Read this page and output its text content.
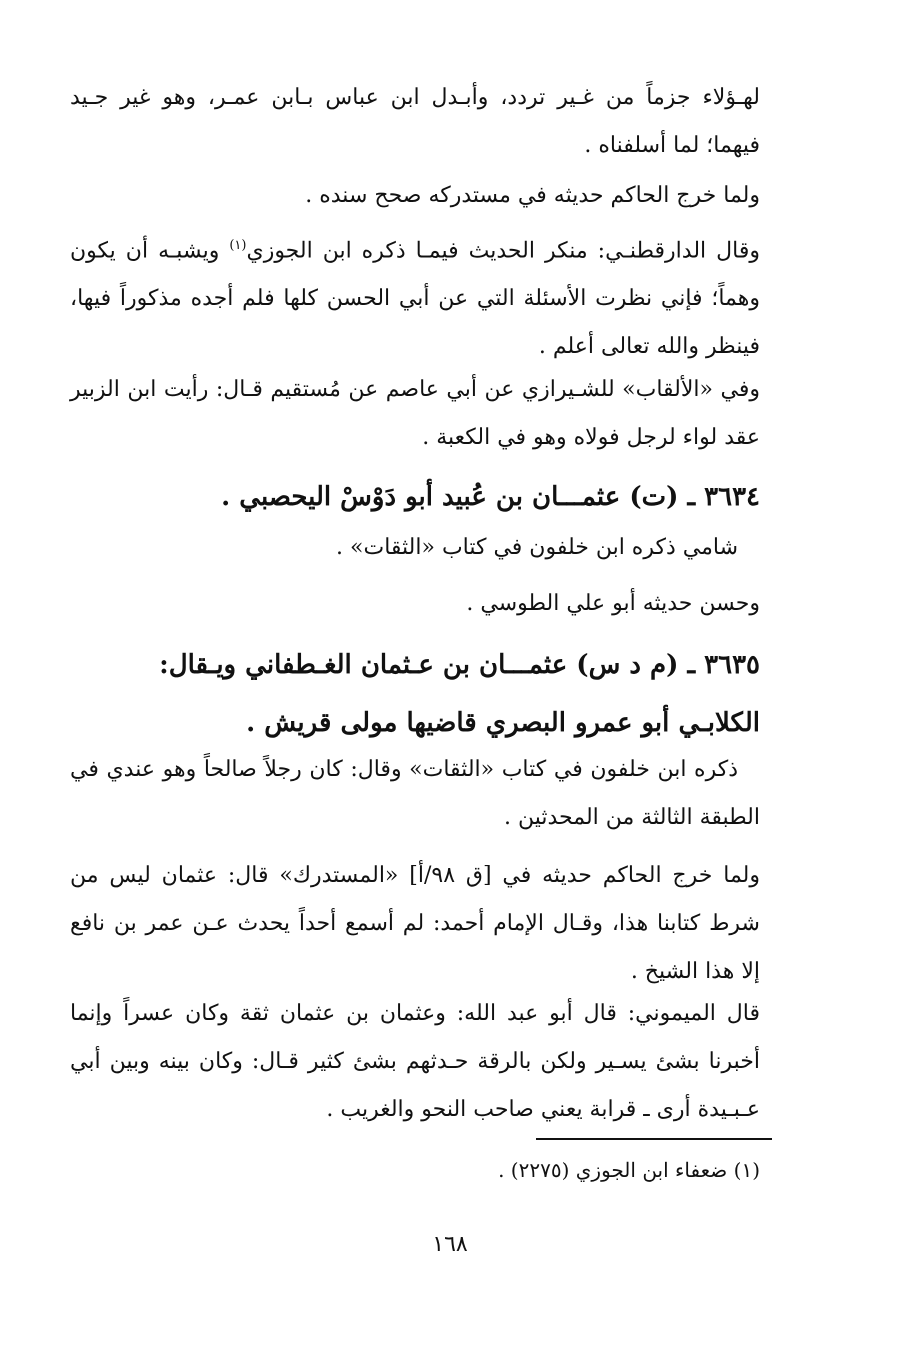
لهـؤلاء جزماً من غـير تردد، وأبـدل ابن عباس بـابن عمـر، وهو غير جـيد فيهما؛ لما أسلفناه .

ولما خرج الحاكم حديثه في مستدركه صحح سنده .

وقال الدارقطنـي: منكر الحديث فيمـا ذكره ابن الجوزي$^{(١)}$ ويشبـه أن يكون وهماً؛ فإني نظرت الأسئلة التي عن أبي الحسن كلها فلم أجده مذكوراً فيها، فينظر والله تعالى أعلم .

وفي «الألقاب» للشـيرازي عن أبي عاصم عن مُستقيم قـال: رأيت ابن الزبير عقد لواء لرجل فولاه وهو في الكعبة .

٣٦٣٤ ـ (ت) عثمـــان بن عُبيد أبو دَوْسْ اليحصبي .

شامي ذكره ابن خلفون في كتاب «الثقات» .

وحسن حديثه أبو علي الطوسي .

٣٦٣٥ ـ (م د س) عثمـــان بن عـثمان الغـطفاني ويـقال: الكلابـي أبو عمرو البصري قاضيها مولى قريش .

ذكره ابن خلفون في كتاب «الثقات» وقال: كان رجلاً صالحاً وهو عندي في الطبقة الثالثة من المحدثين .

ولما خرج الحاكم حديثه في [ق ٩٨/أ] «المستدرك» قال: عثمان ليس من شرط كتابنا هذا، وقـال الإمام أحمد: لم أسمع أحداً يحدث عـن عمر بن نافع إلا هذا الشيخ .

قال الميموني: قال أبو عبد الله: وعثمان بن عثمان ثقة وكان عسراً وإنما أخبرنا بشئ يسـير ولكن بالرقة حـدثهم بشئ كثير قـال: وكان بينه وبين أبي عـبـيدة أرى ـ قرابة يعني صاحب النحو والغريب .

(١) ضعفاء ابن الجوزي (٢٢٧٥) .

١٦٨
